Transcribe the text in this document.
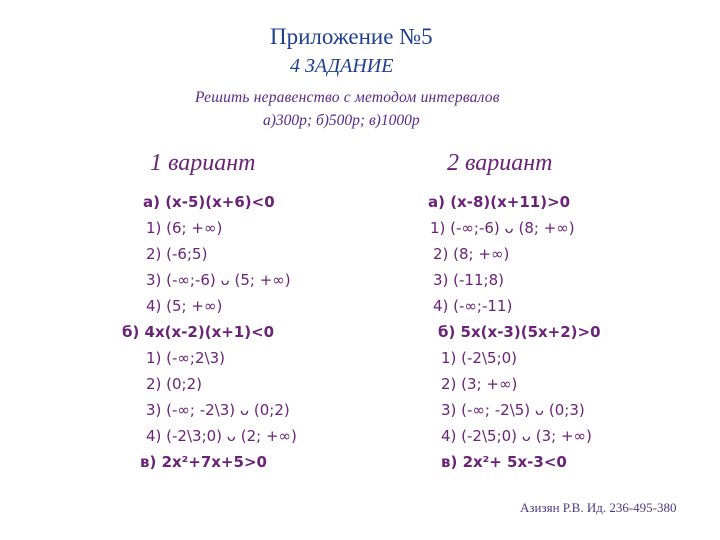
Приложение №5
4 ЗАДАНИЕ
Решить неравенство с методом интервалов
а)300р; б)500р; в)1000р
1 вариант	2 вариант
а) (х-5)(х+6)<0
1) (6; +∞)
2) (-6;5)
3) (-∞;-6) ᴗ (5; +∞)
4) (5; +∞)
б) 4х(х-2)(х+1)<0
1) (-∞;2\3)
2) (0;2)
3) (-∞; -2\3) ᴗ (0;2)
4) (-2\3;0) ᴗ (2; +∞)
в) 2х²+7х+5>0
а) (х-8)(х+11)>0
1) (-∞;-6) ᴗ (8; +∞)
2) (8; +∞)
3) (-11;8)
4) (-∞;-11)
б) 5х(х-3)(5х+2)>0
1) (-2\5;0)
2) (3; +∞)
3) (-∞; -2\5) ᴗ (0;3)
4) (-2\5;0) ᴗ (3; +∞)
в) 2х²+ 5х-3<0
Азизян Р.В. Ид. 236-495-380
